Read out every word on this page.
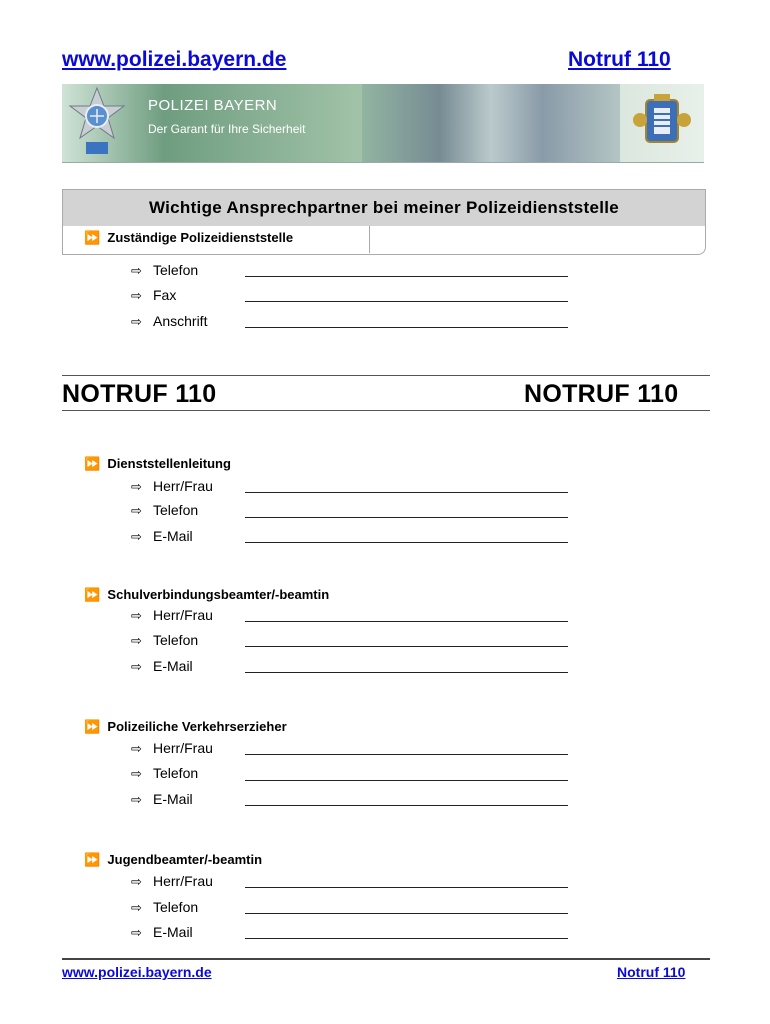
www.polizei.bayern.de	Notruf 110
POLIZEI BAYERN
Der Garant für Ihre Sicherheit
Wichtige Ansprechpartner bei meiner Polizeidienststelle
⏩ Zuständige Polizeidienststelle
⇨ Telefon
⇨ Fax
⇨ Anschrift
NOTRUF 110	NOTRUF 110
⏩ Dienststellenleitung
⇨ Herr/Frau
⇨ Telefon
⇨ E-Mail
⏩ Schulverbindungsbeamter/-beamtin
⇨ Herr/Frau
⇨ Telefon
⇨ E-Mail
⏩ Polizeiliche Verkehrserzieher
⇨ Herr/Frau
⇨ Telefon
⇨ E-Mail
⏩ Jugendbeamter/-beamtin
⇨ Herr/Frau
⇨ Telefon
⇨ E-Mail
www.polizei.bayern.de	Notruf 110
